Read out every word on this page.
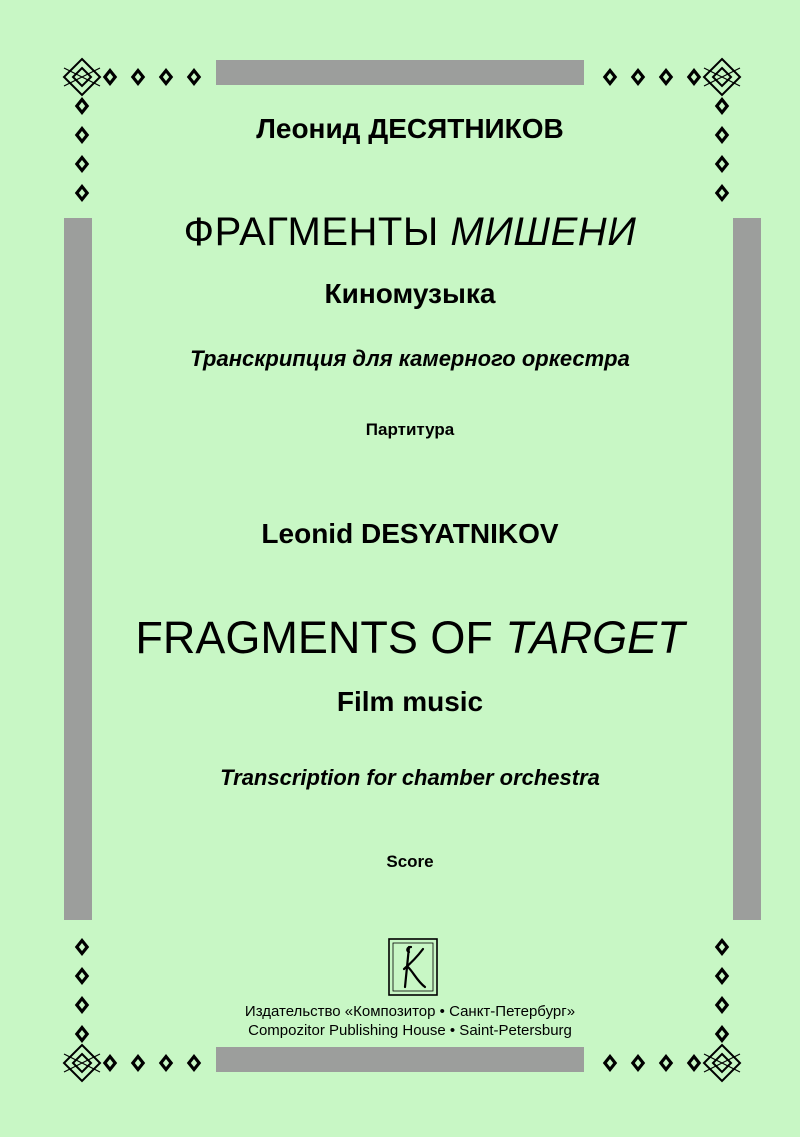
Леонид ДЕСЯТНИКОВ
ФРАГМЕНТЫ МИШЕНИ
Киномузыка
Транскрипция для камерного оркестра
Партитура
Leonid DESYATNIKOV
FRAGMENTS OF TARGET
Film music
Transcription for chamber orchestra
Score
Издательство «Композитор • Санкт-Петербург»
Compozitor Publishing House • Saint-Petersburg
